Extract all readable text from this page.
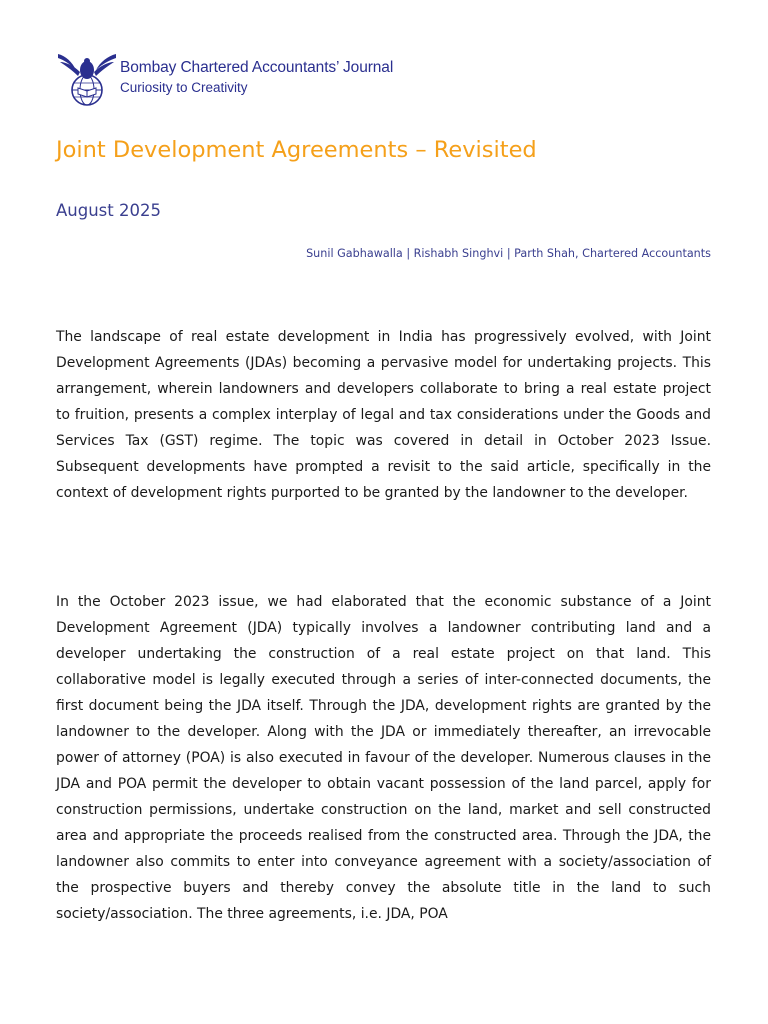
Bombay Chartered Accountants’ Journal
Curiosity to Creativity
Joint Development Agreements – Revisited
August 2025
Sunil Gabhawalla | Rishabh Singhvi | Parth Shah, Chartered Accountants

The landscape of real estate development in India has progressively evolved, with Joint Development Agreements (JDAs) becoming a pervasive model for undertaking projects. This arrangement, wherein landowners and developers collaborate to bring a real estate project to fruition, presents a complex interplay of legal and tax considerations under the Goods and Services Tax (GST) regime. The topic was covered in detail in October 2023 Issue. Subsequent developments have prompted a revisit to the said article, specifically in the context of development rights purported to be granted by the landowner to the developer.

In the October 2023 issue, we had elaborated that the economic substance of a Joint Development Agreement (JDA) typically involves a landowner contributing land and a developer undertaking the construction of a real estate project on that land. This collaborative model is legally executed through a series of inter-connected documents, the first document being the JDA itself. Through the JDA, development rights are granted by the landowner to the developer. Along with the JDA or immediately thereafter, an irrevocable power of attorney (POA) is also executed in favour of the developer. Numerous clauses in the JDA and POA permit the developer to obtain vacant possession of the land parcel, apply for construction permissions, undertake construction on the land, market and sell constructed area and appropriate the proceeds realised from the constructed area. Through the JDA, the landowner also commits to enter into conveyance agreement with a society/association of the prospective buyers and thereby convey the absolute title in the land to such society/association. The three agreements, i.e. JDA, POA
